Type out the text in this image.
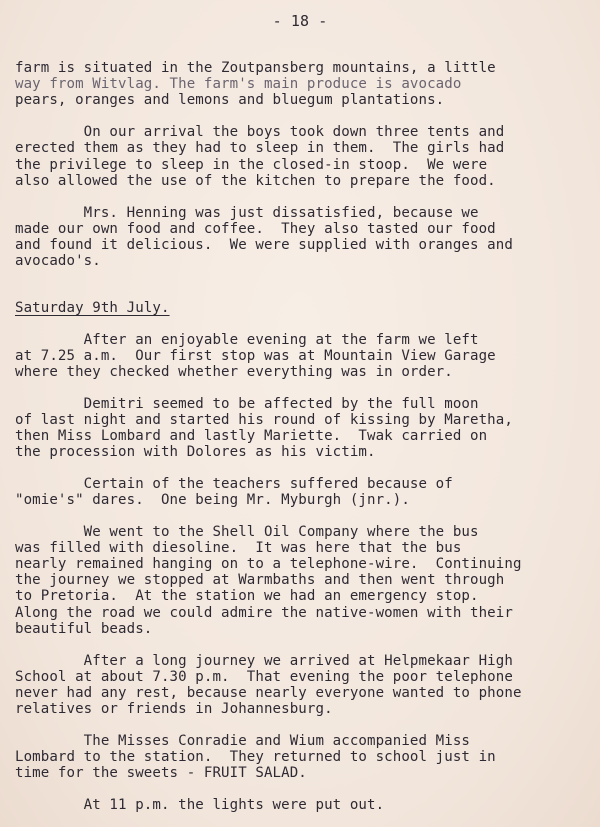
- 18 -
farm is situated in the Zoutpansberg mountains, a little
way from Witvlag. The farm's main produce is avocado
pears, oranges and lemons and bluegum plantations.
On our arrival the boys took down three tents and
erected them as they had to sleep in them.  The girls had
the privilege to sleep in the closed-in stoop.  We were
also allowed the use of the kitchen to prepare the food.
Mrs. Henning was just dissatisfied, because we
made our own food and coffee.  They also tasted our food
and found it delicious.  We were supplied with oranges and
avocado's.
Saturday 9th July.
After an enjoyable evening at the farm we left
at 7.25 a.m.  Our first stop was at Mountain View Garage
where they checked whether everything was in order.
Demitri seemed to be affected by the full moon
of last night and started his round of kissing by Maretha,
then Miss Lombard and lastly Mariette.  Twak carried on
the procession with Dolores as his victim.
Certain of the teachers suffered because of
"omie's" dares.  One being Mr. Myburgh (jnr.).
We went to the Shell Oil Company where the bus
was filled with diesoline.  It was here that the bus
nearly remained hanging on to a telephone-wire.  Continuing
the journey we stopped at Warmbaths and then went through
to Pretoria.  At the station we had an emergency stop.
Along the road we could admire the native-women with their
beautiful beads.
After a long journey we arrived at Helpmekaar High
School at about 7.30 p.m.  That evening the poor telephone
never had any rest, because nearly everyone wanted to phone
relatives or friends in Johannesburg.
The Misses Conradie and Wium accompanied Miss
Lombard to the station.  They returned to school just in
time for the sweets - FRUIT SALAD.
At 11 p.m. the lights were put out.
